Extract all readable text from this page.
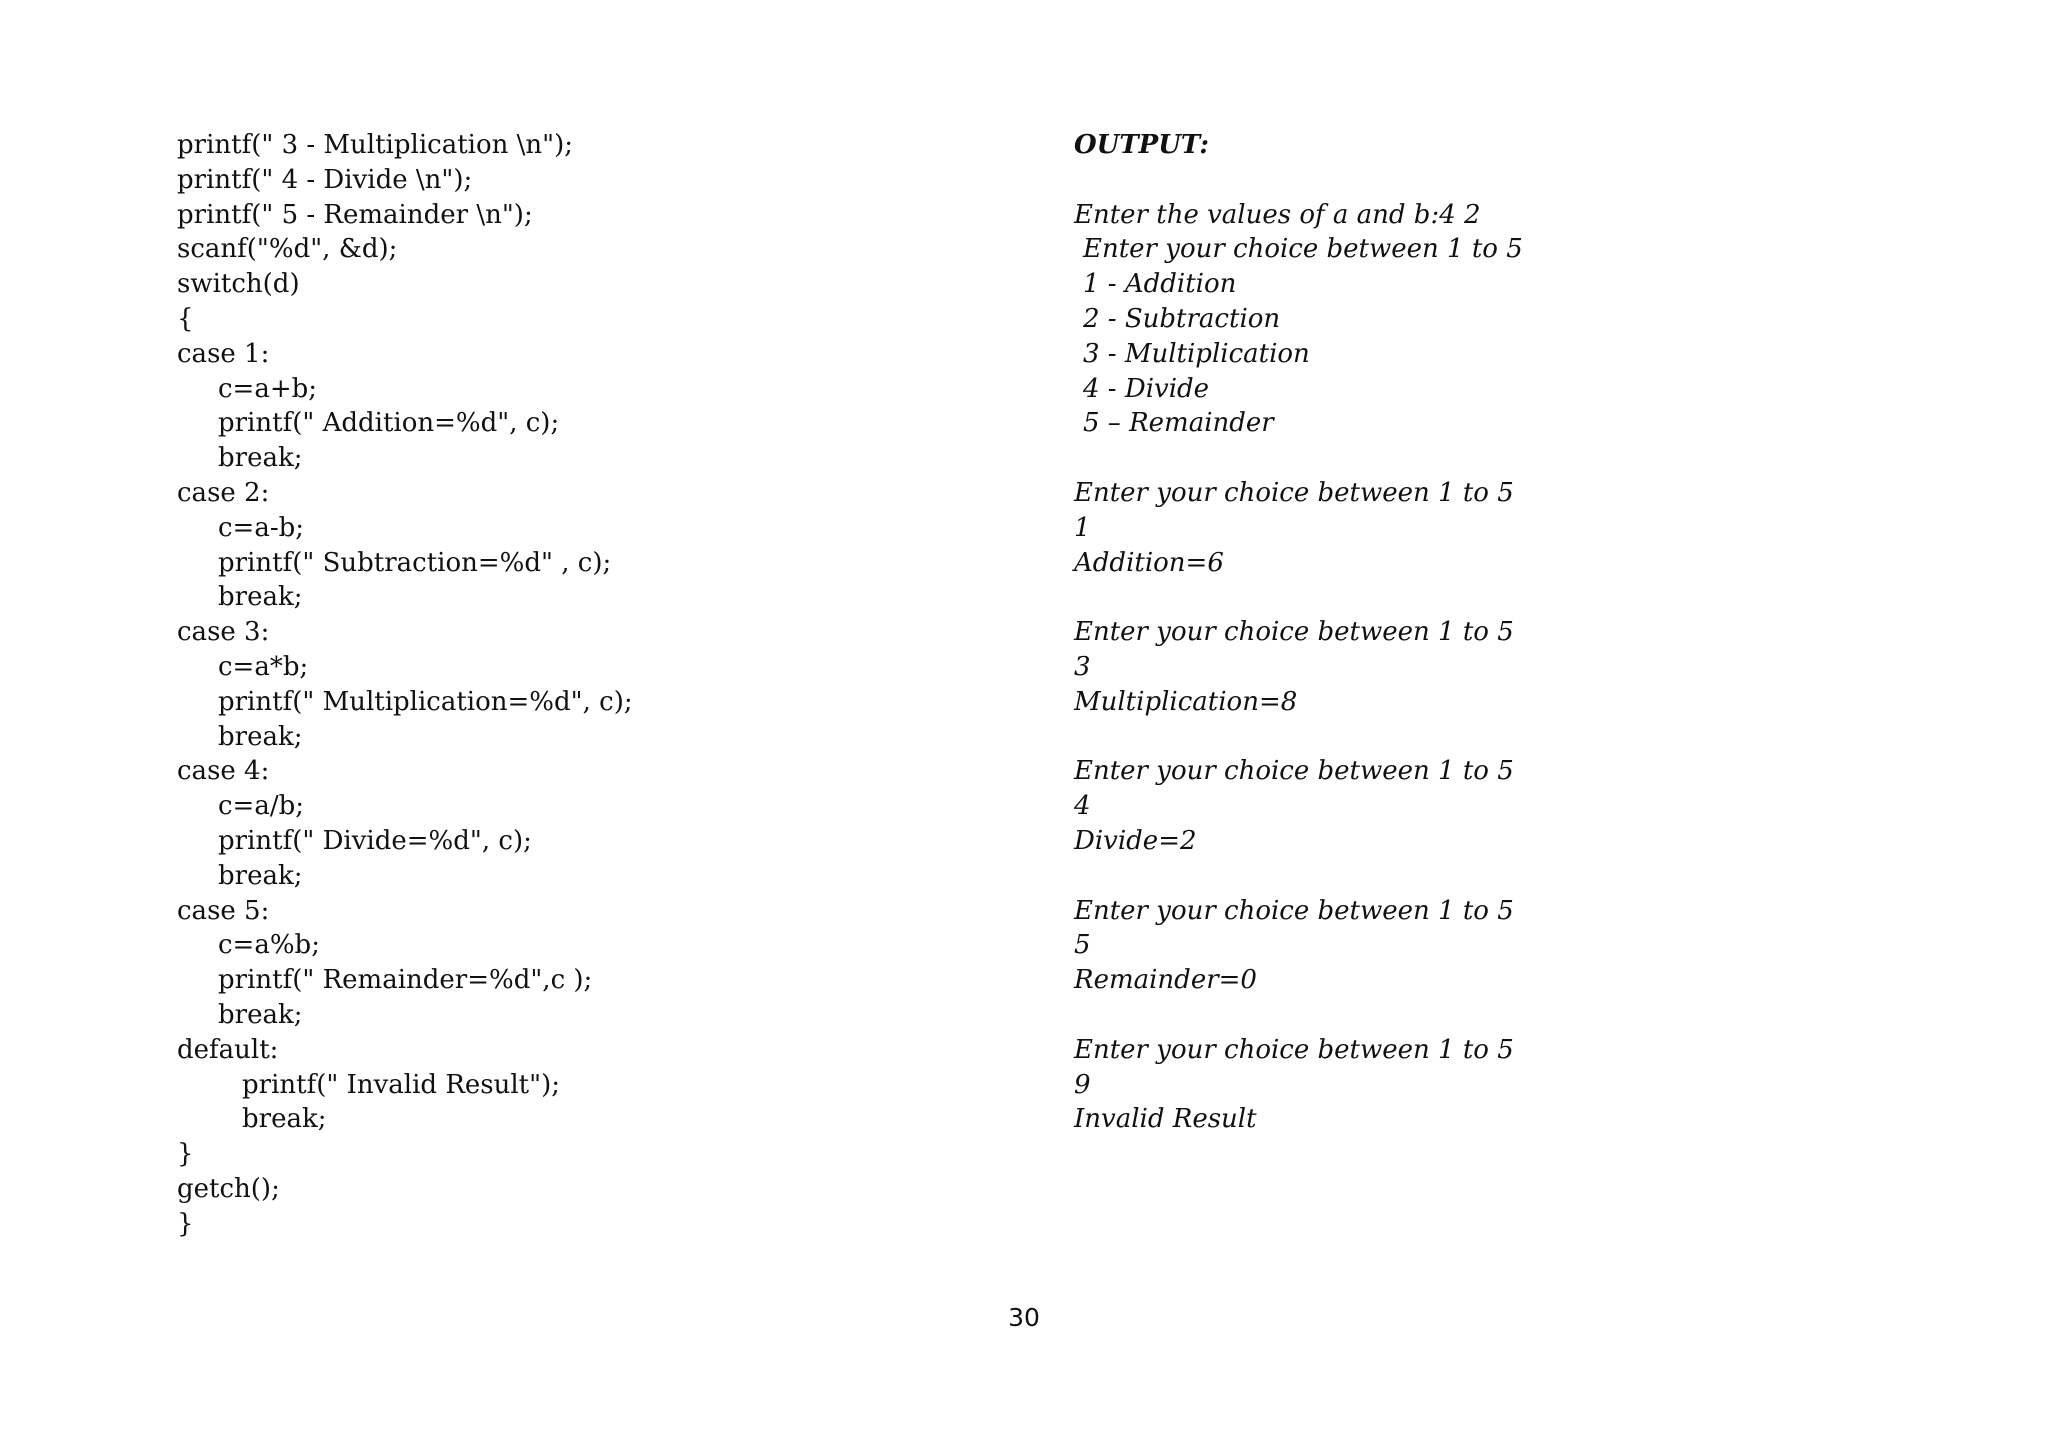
printf(" 3 - Multiplication \n");
printf(" 4 - Divide \n");
printf(" 5 - Remainder \n");
scanf("%d", &d);
switch(d)
{
case 1:
c=a+b;
printf(" Addition=%d", c);
break;
case 2:
c=a-b;
printf(" Subtraction=%d" , c);
break;
case 3:
c=a*b;
printf(" Multiplication=%d", c);
break;
case 4:
c=a/b;
printf(" Divide=%d", c);
break;
case 5:
c=a%b;
printf(" Remainder=%d",c );
break;
default:
printf(" Invalid Result");
break;
}
getch();
}
OUTPUT:
Enter the values of a and b:4 2
Enter your choice between 1 to 5
1 - Addition
2 - Subtraction
3 - Multiplication
4 - Divide
5 – Remainder
Enter your choice between 1 to 5
1
Addition=6
Enter your choice between 1 to 5
3
Multiplication=8
Enter your choice between 1 to 5
4
Divide=2
Enter your choice between 1 to 5
5
Remainder=0
Enter your choice between 1 to 5
9
Invalid Result
30
